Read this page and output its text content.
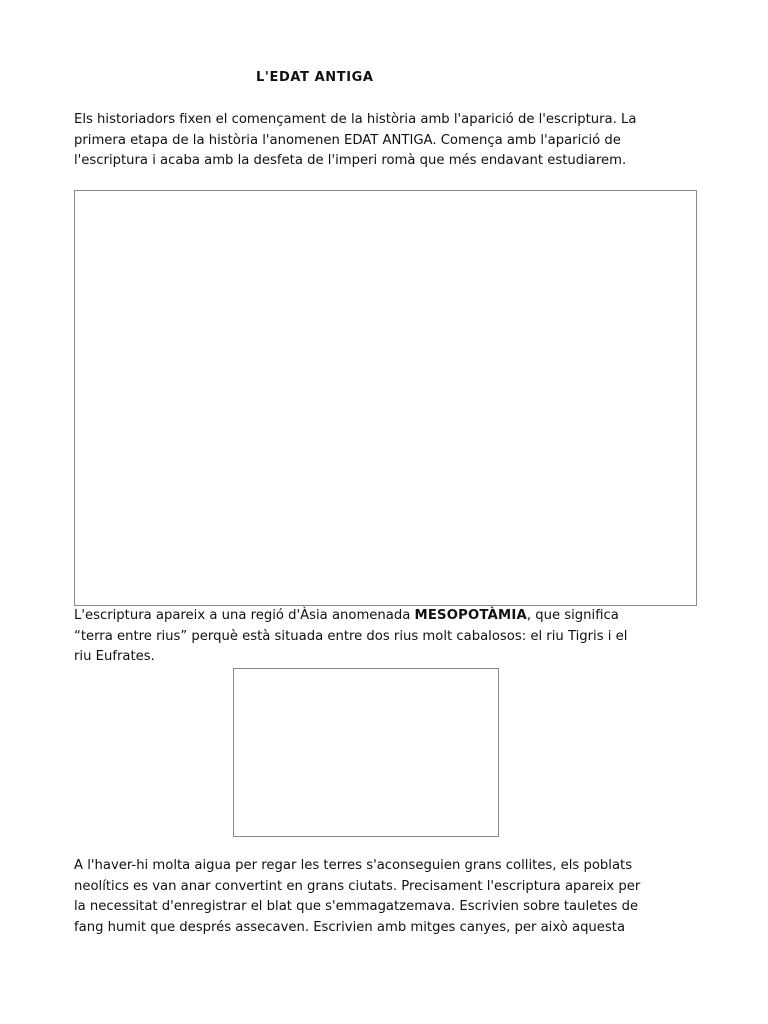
L'EDAT ANTIGA

Els historiadors fixen el començament de la història amb l'aparició de l'escriptura. La
primera etapa de la història l'anomenen EDAT ANTIGA. Comença amb l'aparició de
l'escriptura i acaba amb la desfeta de l'imperi romà que més endavant estudiarem.

L'escriptura apareix a una regió d'Àsia anomenada MESOPOTÀMIA, que significa
“terra entre rius” perquè està situada entre dos rius molt cabalosos: el riu Tigris i el
riu Eufrates.

A l'haver-hi molta aigua per regar les terres s'aconseguien grans collites, els poblats
neolítics es van anar convertint en grans ciutats. Precisament l'escriptura apareix per
la necessitat d'enregistrar el blat que s'emmagatzemava. Escrivien sobre tauletes de
fang humit que després assecaven. Escrivien amb mitges canyes, per això aquesta
